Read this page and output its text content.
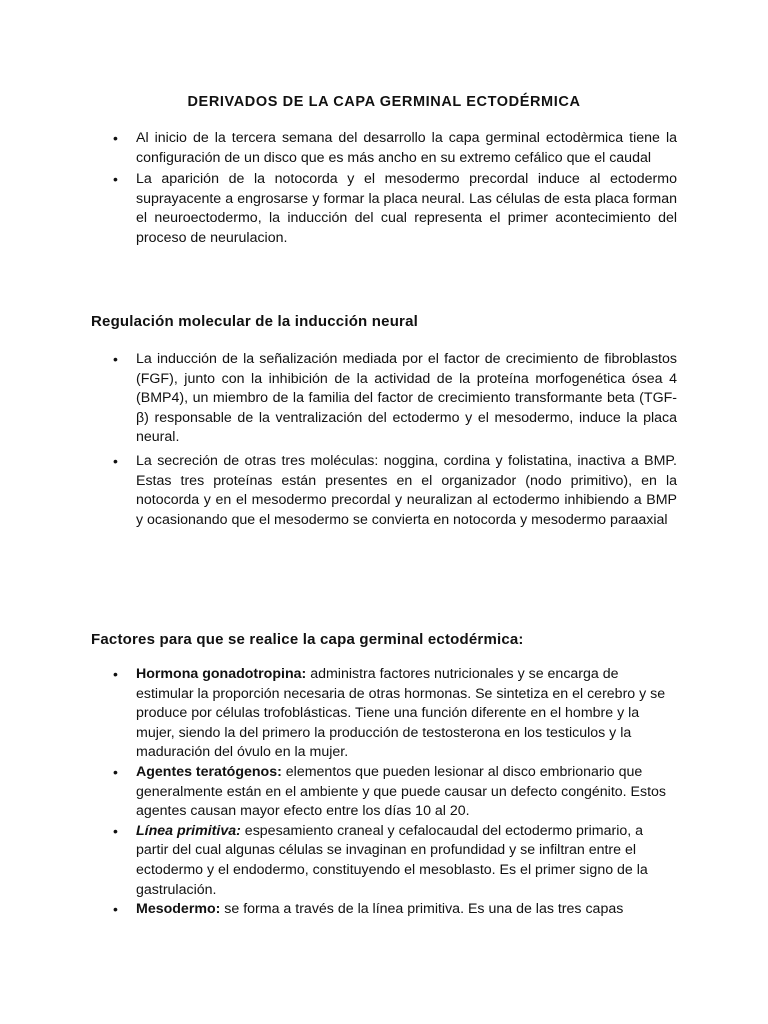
DERIVADOS DE LA CAPA GERMINAL ECTODÉRMICA
• Al inicio de la tercera semana del desarrollo la capa germinal ectodèrmica tiene la configuración de un disco que es más ancho en su extremo cefálico que el caudal
• La aparición de la notocorda y el mesodermo precordal induce al ectodermo suprayacente a engrosarse y formar la placa neural. Las células de esta placa forman el neuroectodermo, la inducción del cual representa el primer acontecimiento del proceso de neurulacion.
Regulación molecular de la inducción neural
• La inducción de la señalización mediada por el factor de crecimiento de fibroblastos (FGF), junto con la inhibición de la actividad de la proteína morfogenética ósea 4 (BMP4), un miembro de la familia del factor de crecimiento transformante beta (TGF-β) responsable de la ventralización del ectodermo y el mesodermo, induce la placa neural.
• La secreción de otras tres moléculas: noggina, cordina y folistatina, inactiva a BMP. Estas tres proteínas están presentes en el organizador (nodo primitivo), en la notocorda y en el mesodermo precordal y neuralizan al ectodermo inhibiendo a BMP y ocasionando que el mesodermo se convierta en notocorda y mesodermo paraaxial
Factores para que se realice la capa germinal ectodérmica:
• Hormona gonadotropina: administra factores nutricionales y se encarga de estimular la proporción necesaria de otras hormonas. Se sintetiza en el cerebro y se produce por células trofoblásticas. Tiene una función diferente en el hombre y la mujer, siendo la del primero la producción de testosterona en los testiculos y la maduración del óvulo en la mujer.
• Agentes teratógenos: elementos que pueden lesionar al disco embrionario que generalmente están en el ambiente y que puede causar un defecto congénito. Estos agentes causan mayor efecto entre los días 10 al 20.
• Línea primitiva: espesamiento craneal y cefalocaudal del ectodermo primario, a partir del cual algunas células se invaginan en profundidad y se infiltran entre el ectodermo y el endodermo, constituyendo el mesoblasto. Es el primer signo de la gastrulación.
• Mesodermo: se forma a través de la línea primitiva. Es una de las tres capas
